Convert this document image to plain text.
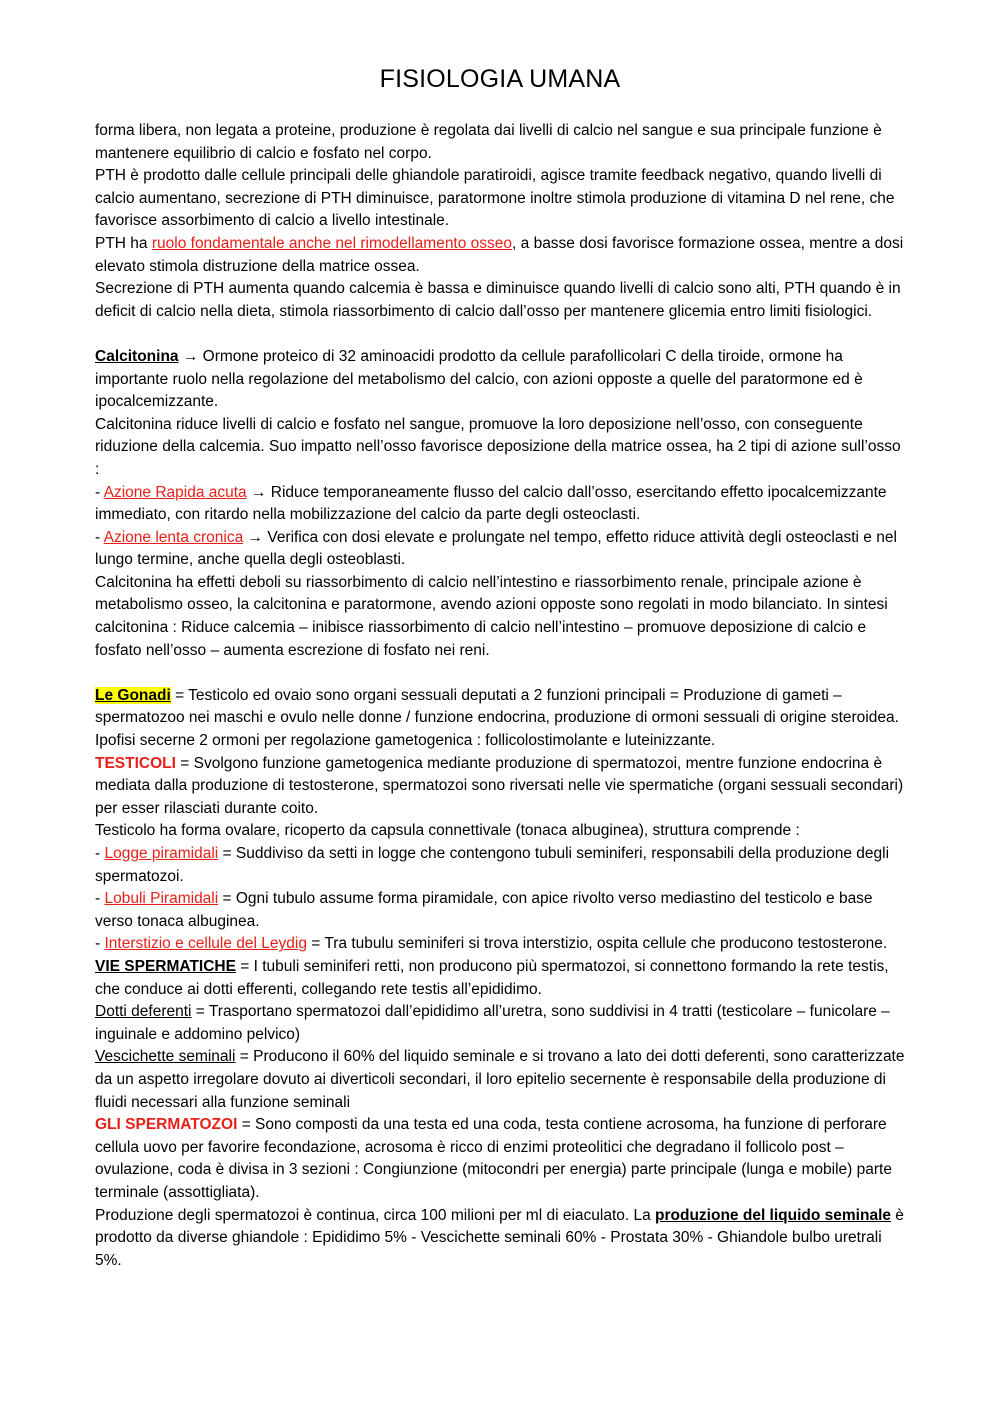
FISIOLOGIA UMANA

forma libera, non legata a proteine, produzione è regolata dai livelli di calcio nel sangue e sua principale funzione è mantenere equilibrio di calcio e fosfato nel corpo.

PTH è prodotto dalle cellule principali delle ghiandole paratiroidi, agisce tramite feedback negativo, quando livelli di calcio aumentano, secrezione di PTH diminuisce, paratormone inoltre stimola produzione di vitamina D nel rene, che favorisce assorbimento di calcio a livello intestinale.

PTH ha ruolo fondamentale anche nel rimodellamento osseo, a basse dosi favorisce formazione ossea, mentre a dosi elevato stimola distruzione della matrice ossea.

Secrezione di PTH aumenta quando calcemia è bassa e diminuisce quando livelli di calcio sono alti, PTH quando è in deficit di calcio nella dieta, stimola riassorbimento di calcio dall’osso per mantenere glicemia entro limiti fisiologici.

Calcitonina → Ormone proteico di 32 aminoacidi prodotto da cellule parafollicolari C della tiroide, ormone ha importante ruolo nella regolazione del metabolismo del calcio, con azioni opposte a quelle del paratormone ed è ipocalcemizzante.

Calcitonina riduce livelli di calcio e fosfato nel sangue, promuove la loro deposizione nell’osso, con conseguente riduzione della calcemia. Suo impatto nell’osso favorisce deposizione della matrice ossea, ha 2 tipi di azione sull’osso :

- Azione Rapida acuta → Riduce temporaneamente flusso del calcio dall’osso, esercitando effetto ipocalcemizzante immediato, con ritardo nella mobilizzazione del calcio da parte degli osteoclasti.

- Azione lenta cronica → Verifica con dosi elevate e prolungate nel tempo, effetto riduce attività degli osteoclasti e nel lungo termine, anche quella degli osteoblasti.

Calcitonina ha effetti deboli su riassorbimento di calcio nell’intestino e riassorbimento renale, principale azione è metabolismo osseo, la calcitonina e paratormone, avendo azioni opposte sono regolati in modo bilanciato. In sintesi calcitonina : Riduce calcemia – inibisce riassorbimento di calcio nell’intestino – promuove deposizione di calcio e fosfato nell’osso – aumenta escrezione di fosfato nei reni.

Le Gonadi = Testicolo ed ovaio sono organi sessuali deputati a 2 funzioni principali = Produzione di gameti – spermatozoo nei maschi e ovulo nelle donne / funzione endocrina, produzione di ormoni sessuali di origine steroidea. Ipofisi secerne 2 ormoni per regolazione gametogenica : follicolostimolante e luteinizzante.

TESTICOLI = Svolgono funzione gametogenica mediante produzione di spermatozoi, mentre funzione endocrina è mediata dalla produzione di testosterone, spermatozoi sono riversati nelle vie spermatiche (organi sessuali secondari) per esser rilasciati durante coito.

Testicolo ha forma ovalare, ricoperto da capsula connettivale (tonaca albuginea), struttura comprende :

- Logge piramidali = Suddiviso da setti in logge che contengono tubuli seminiferi, responsabili della produzione degli spermatozoi.

- Lobuli Piramidali = Ogni tubulo assume forma piramidale, con apice rivolto verso mediastino del testicolo e base verso tonaca albuginea.

- Interstizio e cellule del Leydig = Tra tubulu seminiferi si trova interstizio, ospita cellule che producono testosterone.

VIE SPERMATICHE = I tubuli seminiferi retti, non producono più spermatozoi, si connettono formando la rete testis, che conduce ai dotti efferenti, collegando rete testis all’epididimo.

Dotti deferenti = Trasportano spermatozoi dall’epididimo all’uretra, sono suddivisi in 4 tratti (testicolare – funicolare – inguinale e addomino pelvico)

Vescichette seminali = Producono il 60% del liquido seminale e si trovano a lato dei dotti deferenti, sono caratterizzate da un aspetto irregolare dovuto ai diverticoli secondari, il loro epitelio secernente è responsabile della produzione di fluidi necessari alla funzione seminali

GLI SPERMATOZOI = Sono composti da una testa ed una coda, testa contiene acrosoma, ha funzione di perforare cellula uovo per favorire fecondazione, acrosoma è ricco di enzimi proteolitici che degradano il follicolo post – ovulazione, coda è divisa in 3 sezioni : Congiunzione (mitocondri per energia) parte principale (lunga e mobile) parte terminale (assottigliata).

Produzione degli spermatozoi è continua, circa 100 milioni per ml di eiaculato. La produzione del liquido seminale è prodotto da diverse ghiandole : Epididimo 5% - Vescichette seminali 60% - Prostata 30% - Ghiandole bulbo uretrali 5%.
